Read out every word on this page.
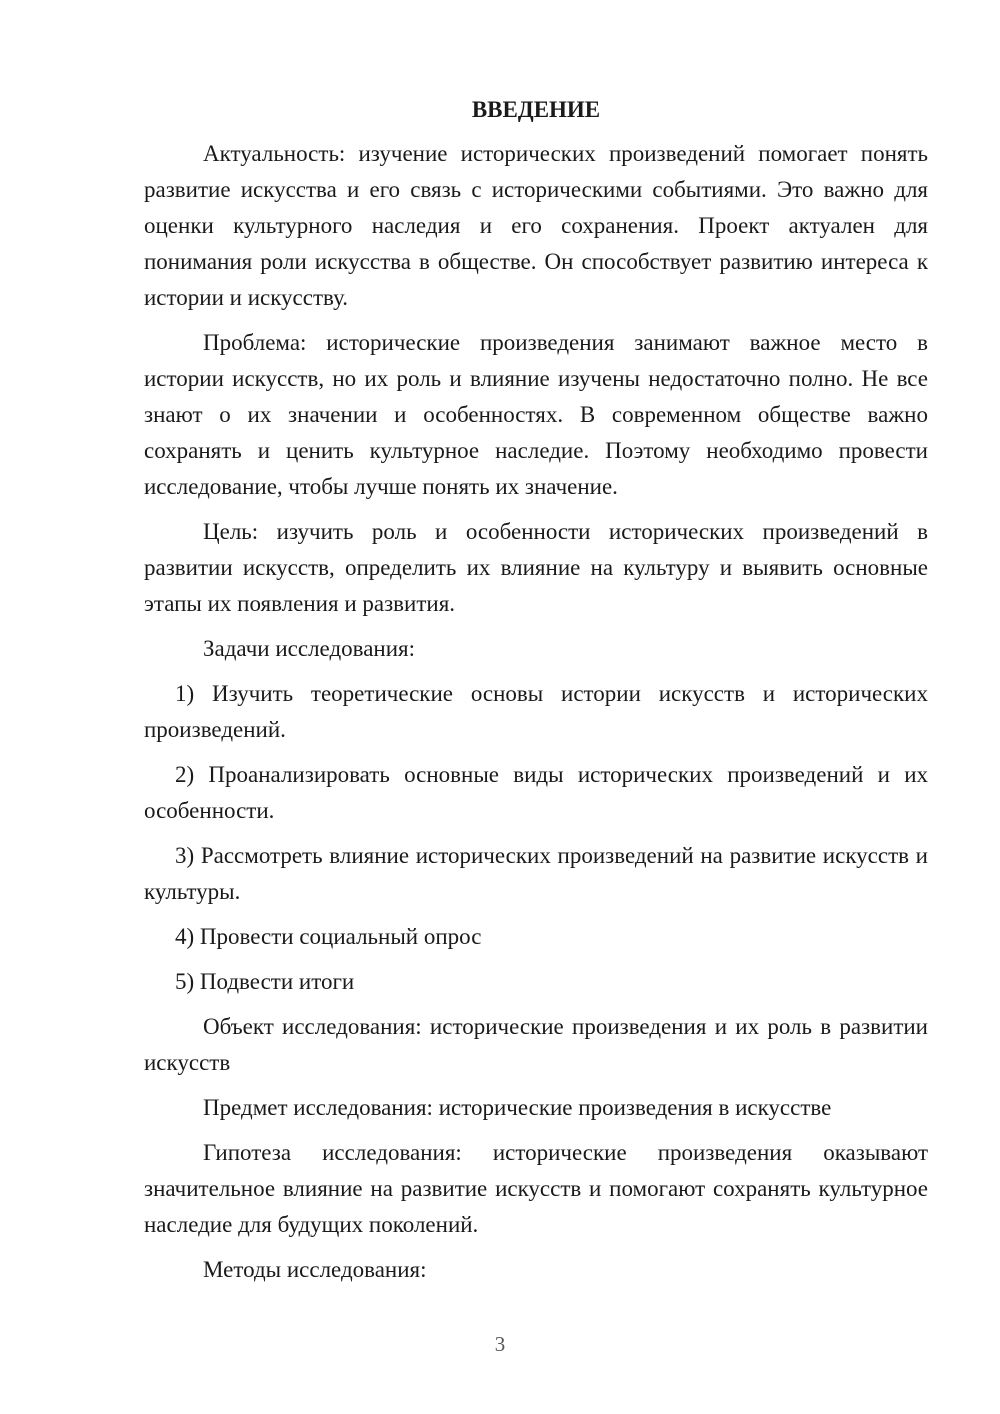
ВВЕДЕНИЕ

Актуальность: изучение исторических произведений помогает понять развитие искусства и его связь с историческими событиями. Это важно для оценки культурного наследия и его сохранения. Проект актуален для понимания роли искусства в обществе. Он способствует развитию интереса к истории и искусству.

Проблема: исторические произведения занимают важное место в истории искусств, но их роль и влияние изучены недостаточно полно. Не все знают о их значении и особенностях. В современном обществе важно сохранять и ценить культурное наследие. Поэтому необходимо провести исследование, чтобы лучше понять их значение.

Цель: изучить роль и особенности исторических произведений в развитии искусств, определить их влияние на культуру и выявить основные этапы их появления и развития.

Задачи исследования:

1) Изучить теоретические основы истории искусств и исторических произведений.

2) Проанализировать основные виды исторических произведений и их особенности.

3) Рассмотреть влияние исторических произведений на развитие искусств и культуры.

4) Провести социальный опрос

5) Подвести итоги

Объект исследования: исторические произведения и их роль в развитии искусств

Предмет исследования: исторические произведения в искусстве

Гипотеза исследования: исторические произведения оказывают значительное влияние на развитие искусств и помогают сохранять культурное наследие для будущих поколений.

Методы исследования:

3
